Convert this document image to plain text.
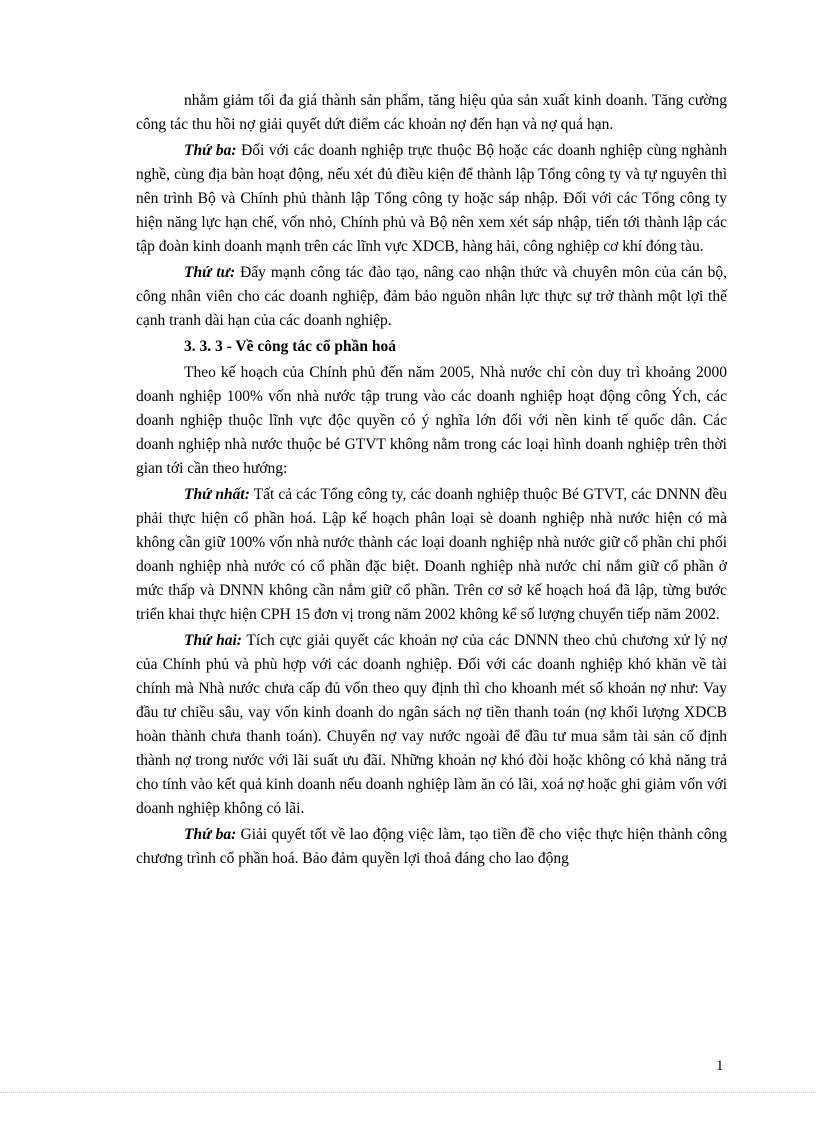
nhằm giảm tối đa giá thành sản phẩm, tăng hiệu qủa sản xuất kinh doanh. Tăng cường công tác thu hồi nợ giải quyết dứt điểm các khoản nợ đến hạn và nợ quá hạn.

Thứ ba: Đối với các doanh nghiệp trực thuộc Bộ hoặc các doanh nghiệp cùng nghành nghề, cùng địa bàn hoạt động, nếu xét đủ điều kiện để thành lập Tổng công ty và tự nguyên thì nên trình Bộ và Chính phủ thành lập Tổng công ty hoặc sáp nhập. Đối với các Tổng công ty hiện năng lực hạn chế, vốn nhỏ, Chính phủ và Bộ nên xem xét sáp nhập, tiến tới thành lập các tập đoàn kinh doanh mạnh trên các lĩnh vực XDCB, hàng hải, công nghiệp cơ khí đóng tàu.

Thứ tư: Đẩy mạnh công tác đào tạo, nâng cao nhận thức và chuyên môn của cán bộ, công nhân viên cho các doanh nghiệp, đảm bảo nguồn nhân lực thực sự trở thành một lợi thế cạnh tranh dài hạn của các doanh nghiệp.

3. 3. 3 - Về công tác cổ phần hoá

Theo kế hoạch của Chính phủ đến năm 2005, Nhà nước chỉ còn duy trì khoảng 2000 doanh nghiệp 100% vốn nhà nước tập trung vào các doanh nghiệp hoạt động công Ých, các doanh nghiệp thuộc lĩnh vực độc quyền có ý nghĩa lớn đối với nền kinh tế quốc dân. Các doanh nghiệp nhà nước thuộc bé GTVT không nằm trong các loại hình doanh nghiệp trên thời gian tới cần theo hướng:

Thứ nhất: Tất cả các Tổng công ty, các doanh nghiệp thuộc Bé GTVT, các DNNN đều phải thực hiện cổ phần hoá. Lập kế hoạch phân loại sè doanh nghiệp nhà nước hiện có mà không cần giữ 100% vốn nhà nước thành các loại doanh nghiệp nhà nước giữ cổ phần chi phối doanh nghiệp nhà nước có cổ phần đặc biệt. Doanh nghiệp nhà nước chỉ nắm giữ cổ phần ở mức thấp và DNNN không cần nắm giữ cổ phần. Trên cơ sở kế hoạch hoá đã lập, từng bước triển khai thực hiện CPH 15 đơn vị trong năm 2002 không kể số lượng chuyển tiếp năm 2002.

Thứ hai: Tích cực giải quyết các khoản nợ của các DNNN theo chủ chương xử lý nợ của Chính phủ và phù hợp với các doanh nghiệp. Đối với các doanh nghiệp khó khăn về tài chính mà Nhà nước chưa cấp đủ vốn theo quy định thì cho khoanh mét số khoản nợ như: Vay đầu tư chiều sâu, vay vốn kinh doanh do ngân sách nợ tiền thanh toán (nợ khối lượng XDCB hoàn thành chưa thanh toán). Chuyển nợ vay nước ngoài để đầu tư mua sắm tài sản cố định thành nợ trong nước với lãi suất ưu đãi. Những khoản nợ khó đòi hoặc không có khả năng trả cho tính vào kết quả kinh doanh nếu doanh nghiệp làm ăn có lãi, xoá nợ hoặc ghi giảm vốn với doanh nghiệp không có lãi.

Thứ ba: Giải quyết tốt về lao động việc làm, tạo tiền đề cho việc thực hiện thành công chương trình cổ phần hoá. Bảo đảm quyền lợi thoả đáng cho lao động

1
